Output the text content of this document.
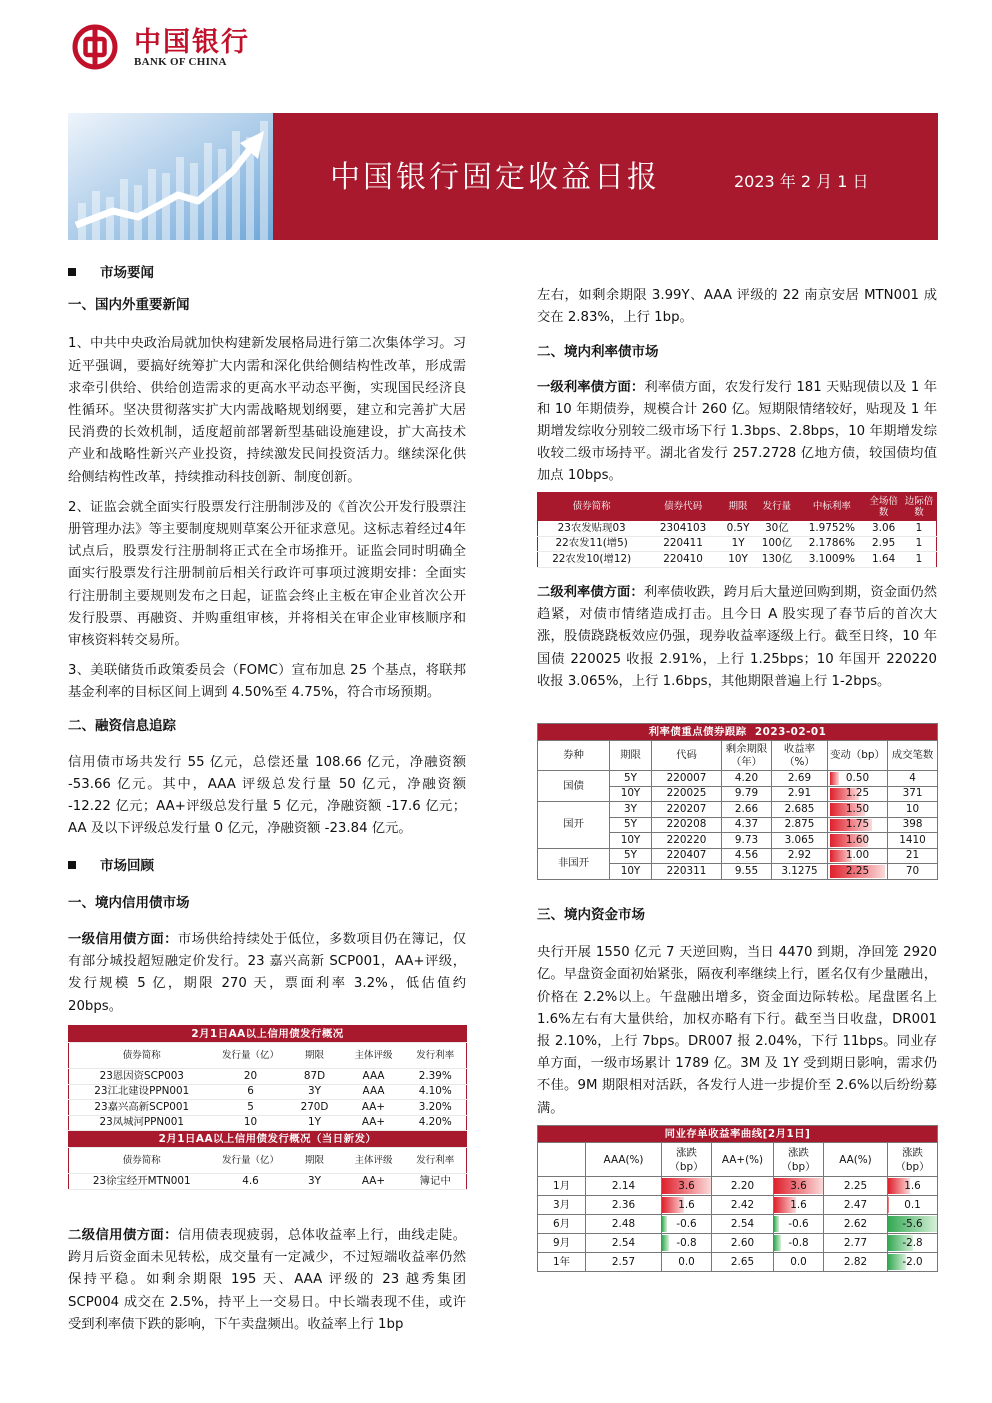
中国银行
BANK OF CHINA
中国银行固定收益日报	2023 年 2 月 1 日
市场要闻
一、国内外重要新闻

1、中共中央政治局就加快构建新发展格局进行第二次集体学习。习近平强调，要搞好统筹扩大内需和深化供给侧结构性改革，形成需求牵引供给、供给创造需求的更高水平动态平衡，实现国民经济良性循环。坚决贯彻落实扩大内需战略规划纲要，建立和完善扩大居民消费的长效机制，适度超前部署新型基础设施建设，扩大高技术产业和战略性新兴产业投资，持续激发民间投资活力。继续深化供给侧结构性改革，持续推动科技创新、制度创新。

2、证监会就全面实行股票发行注册制涉及的《首次公开发行股票注册管理办法》等主要制度规则草案公开征求意见。这标志着经过4年试点后，股票发行注册制将正式在全市场推开。证监会同时明确全面实行股票发行注册制前后相关行政许可事项过渡期安排：全面实行注册制主要规则发布之日起，证监会终止主板在审企业首次公开发行股票、再融资、并购重组审核，并将相关在审企业审核顺序和审核资料转交易所。

3、美联储货币政策委员会（FOMC）宣布加息 25 个基点，将联邦基金利率的目标区间上调到 4.50%至 4.75%，符合市场预期。

二、融资信息追踪

信用债市场共发行 55 亿元，总偿还量 108.66 亿元，净融资额 -53.66 亿元。其中，AAA 评级总发行量 50 亿元，净融资额 -12.22 亿元；AA+评级总发行量 5 亿元，净融资额 -17.6 亿元；AA 及以下评级总发行量 0 亿元，净融资额 -23.84 亿元。

市场回顾
一、境内信用债市场

一级信用债方面：市场供给持续处于低位，多数项目仍在簿记，仅有部分城投超短融定价发行。23 嘉兴高新 SCP001，AA+评级，发行规模 5 亿，期限 270 天，票面利率 3.2%，低估值约 20bps。

2月1日AA以上信用债发行概况				
债券简称	发行量（亿）	期限	主体评级	发行利率
23恩因资SCP003	20	87D	AAA	2.39%
23江北建设PPN001	6	3Y	AAA	4.10%
23嘉兴高新SCP001	5	270D	AA+	3.20%
23凤城河PPN001	10	1Y	AA+	4.20%
2月1日AA以上信用债发行概况（当日新发）				
债券简称	发行量（亿）	期限	主体评级	发行利率
23徐宝经开MTN001	4.6	3Y	AA+	簿记中

二级信用债方面：信用债表现疲弱，总体收益率上行，曲线走陡。跨月后资金面未见转松，成交量有一定减少，不过短端收益率仍然保持平稳。如剩余期限 195 天、AAA 评级的 23 越秀集团 SCP004 成交在 2.5%，持平上一交易日。中长端表现不佳，或许受到利率债下跌的影响，下午卖盘频出。收益率上行 1bp

左右，如剩余期限 3.99Y、AAA 评级的 22 南京安居 MTN001 成交在 2.83%，上行 1bp。

二、境内利率债市场

一级利率债方面：利率债方面，农发行发行 181 天贴现债以及 1 年和 10 年期债券，规模合计 260 亿。短期限情绪较好，贴现及 1 年期增发综收分别较二级市场下行 1.3bps、2.8bps，10 年期增发综收较二级市场持平。湖北省发行 257.2728 亿地方债，较国债均值加点 10bps。

债券简称	债券代码	期限	发行量	中标利率	全场倍数	边际倍数
23农发贴现03	2304103	0.5Y	30亿	1.9752%	3.06	1
22农发11(增5)	220411	1Y	100亿	2.1786%	2.95	1
22农发10(增12)	220410	10Y	130亿	3.1009%	1.64	1

二级利率债方面：利率债收跌，跨月后大量逆回购到期，资金面仍然趋紧，对债市情绪造成打击。且今日 A 股实现了春节后的首次大涨，股债跷跷板效应仍强，现券收益率逐级上行。截至日终，10 年国债 220025 收报 2.91%，上行 1.25bps；10 年国开 220220 收报 3.065%，上行 1.6bps，其他期限普遍上行 1-2bps。

利率债重点债券跟踪  2023-02-01						
券种	期限	代码	剩余期限（年）	收益率（%）	变动（bp）	成交笔数
国债	5Y	220007	4.20	2.69	0.50	4
	10Y	220025	9.79	2.91	1.25	371
国开	3Y	220207	2.66	2.685	1.50	10
	5Y	220208	4.37	2.875	1.75	398
	10Y	220220	9.73	3.065	1.60	1410
非国开	5Y	220407	4.56	2.92	1.00	21
	10Y	220311	9.55	3.1275	2.25	70
三、境内资金市场

央行开展 1550 亿元 7 天逆回购，当日 4470 到期，净回笼 2920 亿。早盘资金面初始紧张，隔夜利率继续上行，匿名仅有少量融出，价格在 2.2%以上。午盘融出增多，资金面边际转松。尾盘匿名上 1.6%左右有大量供给，加权亦略有下行。截至当日收盘，DR001 报 2.10%，上行 7bps。DR007 报 2.04%，下行 11bps。同业存单方面，一级市场累计 1789 亿。3M 及 1Y 受到期日影响，需求仍不佳。9M 期限相对活跃，各发行人进一步提价至 2.6%以后纷纷募满。

同业存单收益率曲线[2月1日]						
	AAA(%)	涨跌（bp）	AA+(%)	涨跌（bp）	AA(%)	涨跌（bp）
1月	2.14	3.6	2.20	3.6	2.25	1.6
3月	2.36	1.6	2.42	1.6	2.47	0.1
6月	2.48	-0.6	2.54	-0.6	2.62	-5.6
9月	2.54	-0.8	2.60	-0.8	2.77	-2.8
1年	2.57	0.0	2.65	0.0	2.82	-2.0
